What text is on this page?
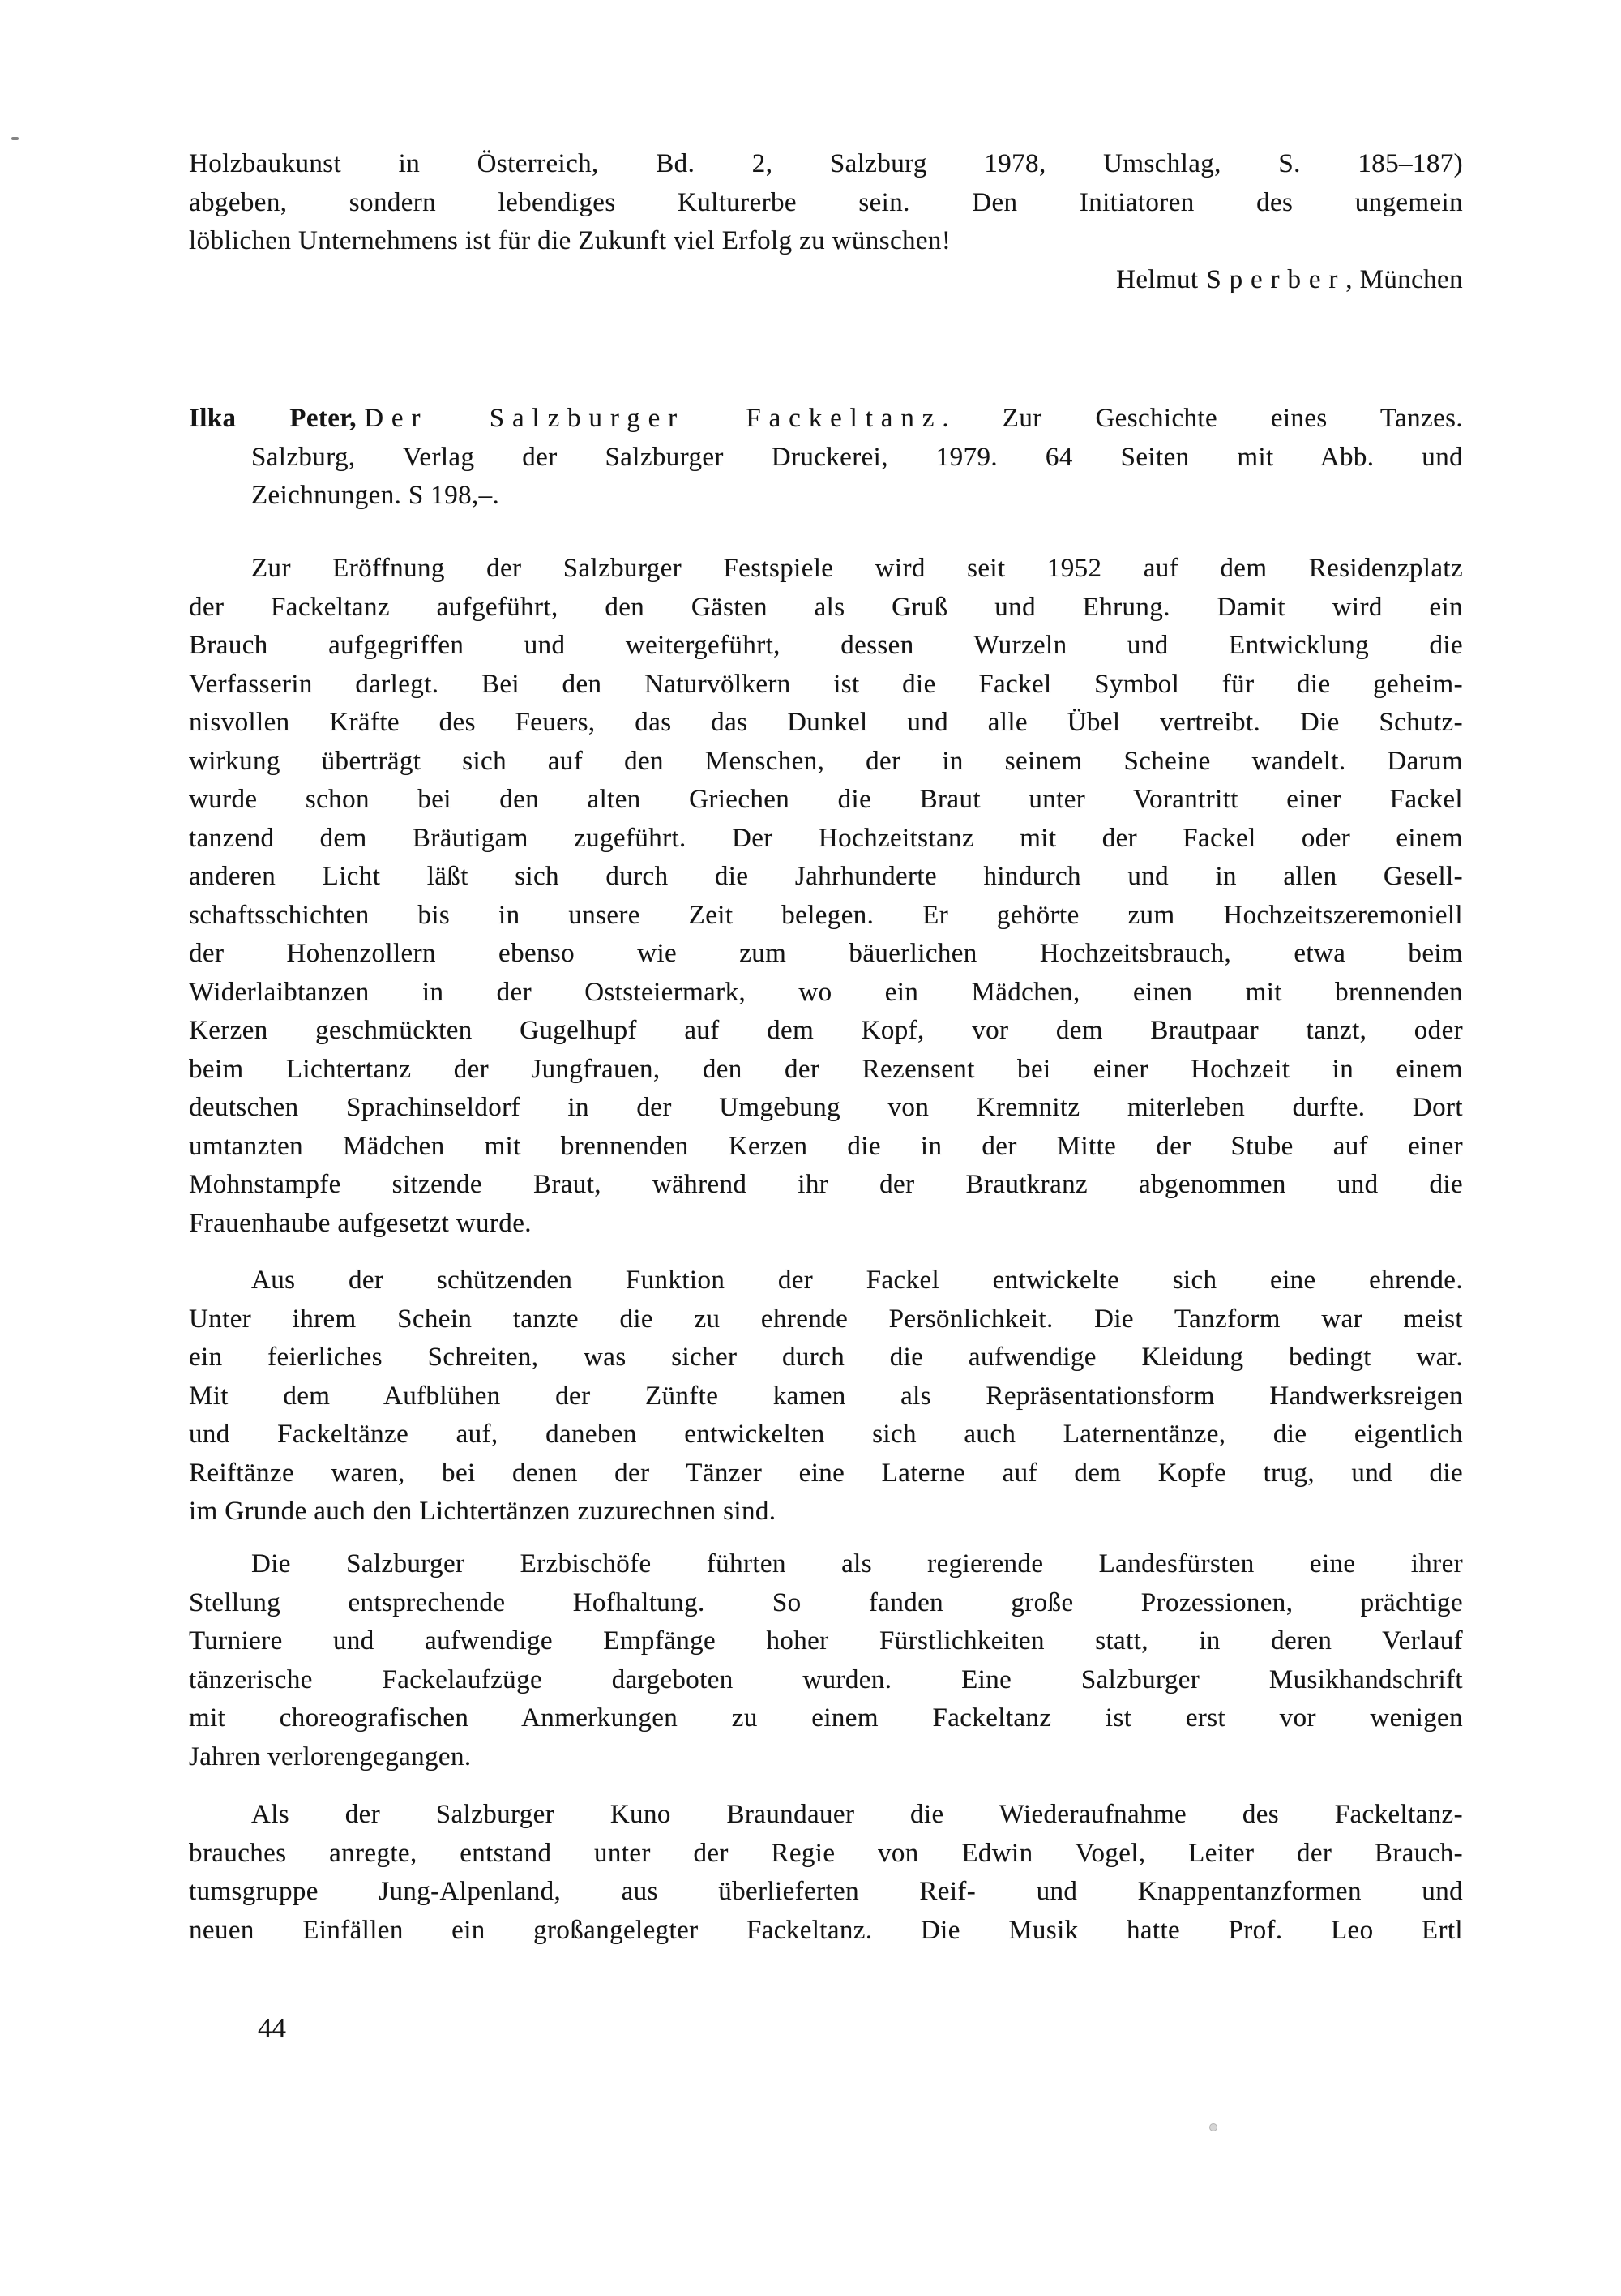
Holzbaukunst in Österreich, Bd. 2, Salzburg 1978, Umschlag, S. 185–187)
abgeben, sondern lebendiges Kulturerbe sein. Den Initiatoren des ungemein
löblichen Unternehmens ist für die Zukunft viel Erfolg zu wünschen!
Helmut Sperber, München
Ilka Peter, Der Salzburger Fackeltanz. Zur Geschichte eines Tanzes.
Salzburg, Verlag der Salzburger Druckerei, 1979. 64 Seiten mit Abb. und
Zeichnungen. S 198,–.
Zur Eröffnung der Salzburger Festspiele wird seit 1952 auf dem Residenzplatz
der Fackeltanz aufgeführt, den Gästen als Gruß und Ehrung. Damit wird ein
Brauch aufgegriffen und weitergeführt, dessen Wurzeln und Entwicklung die
Verfasserin darlegt. Bei den Naturvölkern ist die Fackel Symbol für die geheim-
nisvollen Kräfte des Feuers, das das Dunkel und alle Übel vertreibt. Die Schutz-
wirkung überträgt sich auf den Menschen, der in seinem Scheine wandelt. Darum
wurde schon bei den alten Griechen die Braut unter Vorantritt einer Fackel
tanzend dem Bräutigam zugeführt. Der Hochzeitstanz mit der Fackel oder einem
anderen Licht läßt sich durch die Jahrhunderte hindurch und in allen Gesell-
schaftsschichten bis in unsere Zeit belegen. Er gehörte zum Hochzeitszeremoniell
der Hohenzollern ebenso wie zum bäuerlichen Hochzeitsbrauch, etwa beim
Widerlaibtanzen in der Oststeiermark, wo ein Mädchen, einen mit brennenden
Kerzen geschmückten Gugelhupf auf dem Kopf, vor dem Brautpaar tanzt, oder
beim Lichtertanz der Jungfrauen, den der Rezensent bei einer Hochzeit in einem
deutschen Sprachinseldorf in der Umgebung von Kremnitz miterleben durfte. Dort
umtanzten Mädchen mit brennenden Kerzen die in der Mitte der Stube auf einer
Mohnstampfe sitzende Braut, während ihr der Brautkranz abgenommen und die
Frauenhaube aufgesetzt wurde.
Aus der schützenden Funktion der Fackel entwickelte sich eine ehrende.
Unter ihrem Schein tanzte die zu ehrende Persönlichkeit. Die Tanzform war meist
ein feierliches Schreiten, was sicher durch die aufwendige Kleidung bedingt war.
Mit dem Aufblühen der Zünfte kamen als Repräsentationsform Handwerksreigen
und Fackeltänze auf, daneben entwickelten sich auch Laternentänze, die eigentlich
Reiftänze waren, bei denen der Tänzer eine Laterne auf dem Kopfe trug, und die
im Grunde auch den Lichtertänzen zuzurechnen sind.
Die Salzburger Erzbischöfe führten als regierende Landesfürsten eine ihrer
Stellung entsprechende Hofhaltung. So fanden große Prozessionen, prächtige
Turniere und aufwendige Empfänge hoher Fürstlichkeiten statt, in deren Verlauf
tänzerische Fackelaufzüge dargeboten wurden. Eine Salzburger Musikhandschrift
mit choreografischen Anmerkungen zu einem Fackeltanz ist erst vor wenigen
Jahren verlorengegangen.
Als der Salzburger Kuno Braundauer die Wiederaufnahme des Fackeltanz-
brauches anregte, entstand unter der Regie von Edwin Vogel, Leiter der Brauch-
tumsgruppe Jung-Alpenland, aus überlieferten Reif- und Knappentanzformen und
neuen Einfällen ein großangelegter Fackeltanz. Die Musik hatte Prof. Leo Ertl
44
